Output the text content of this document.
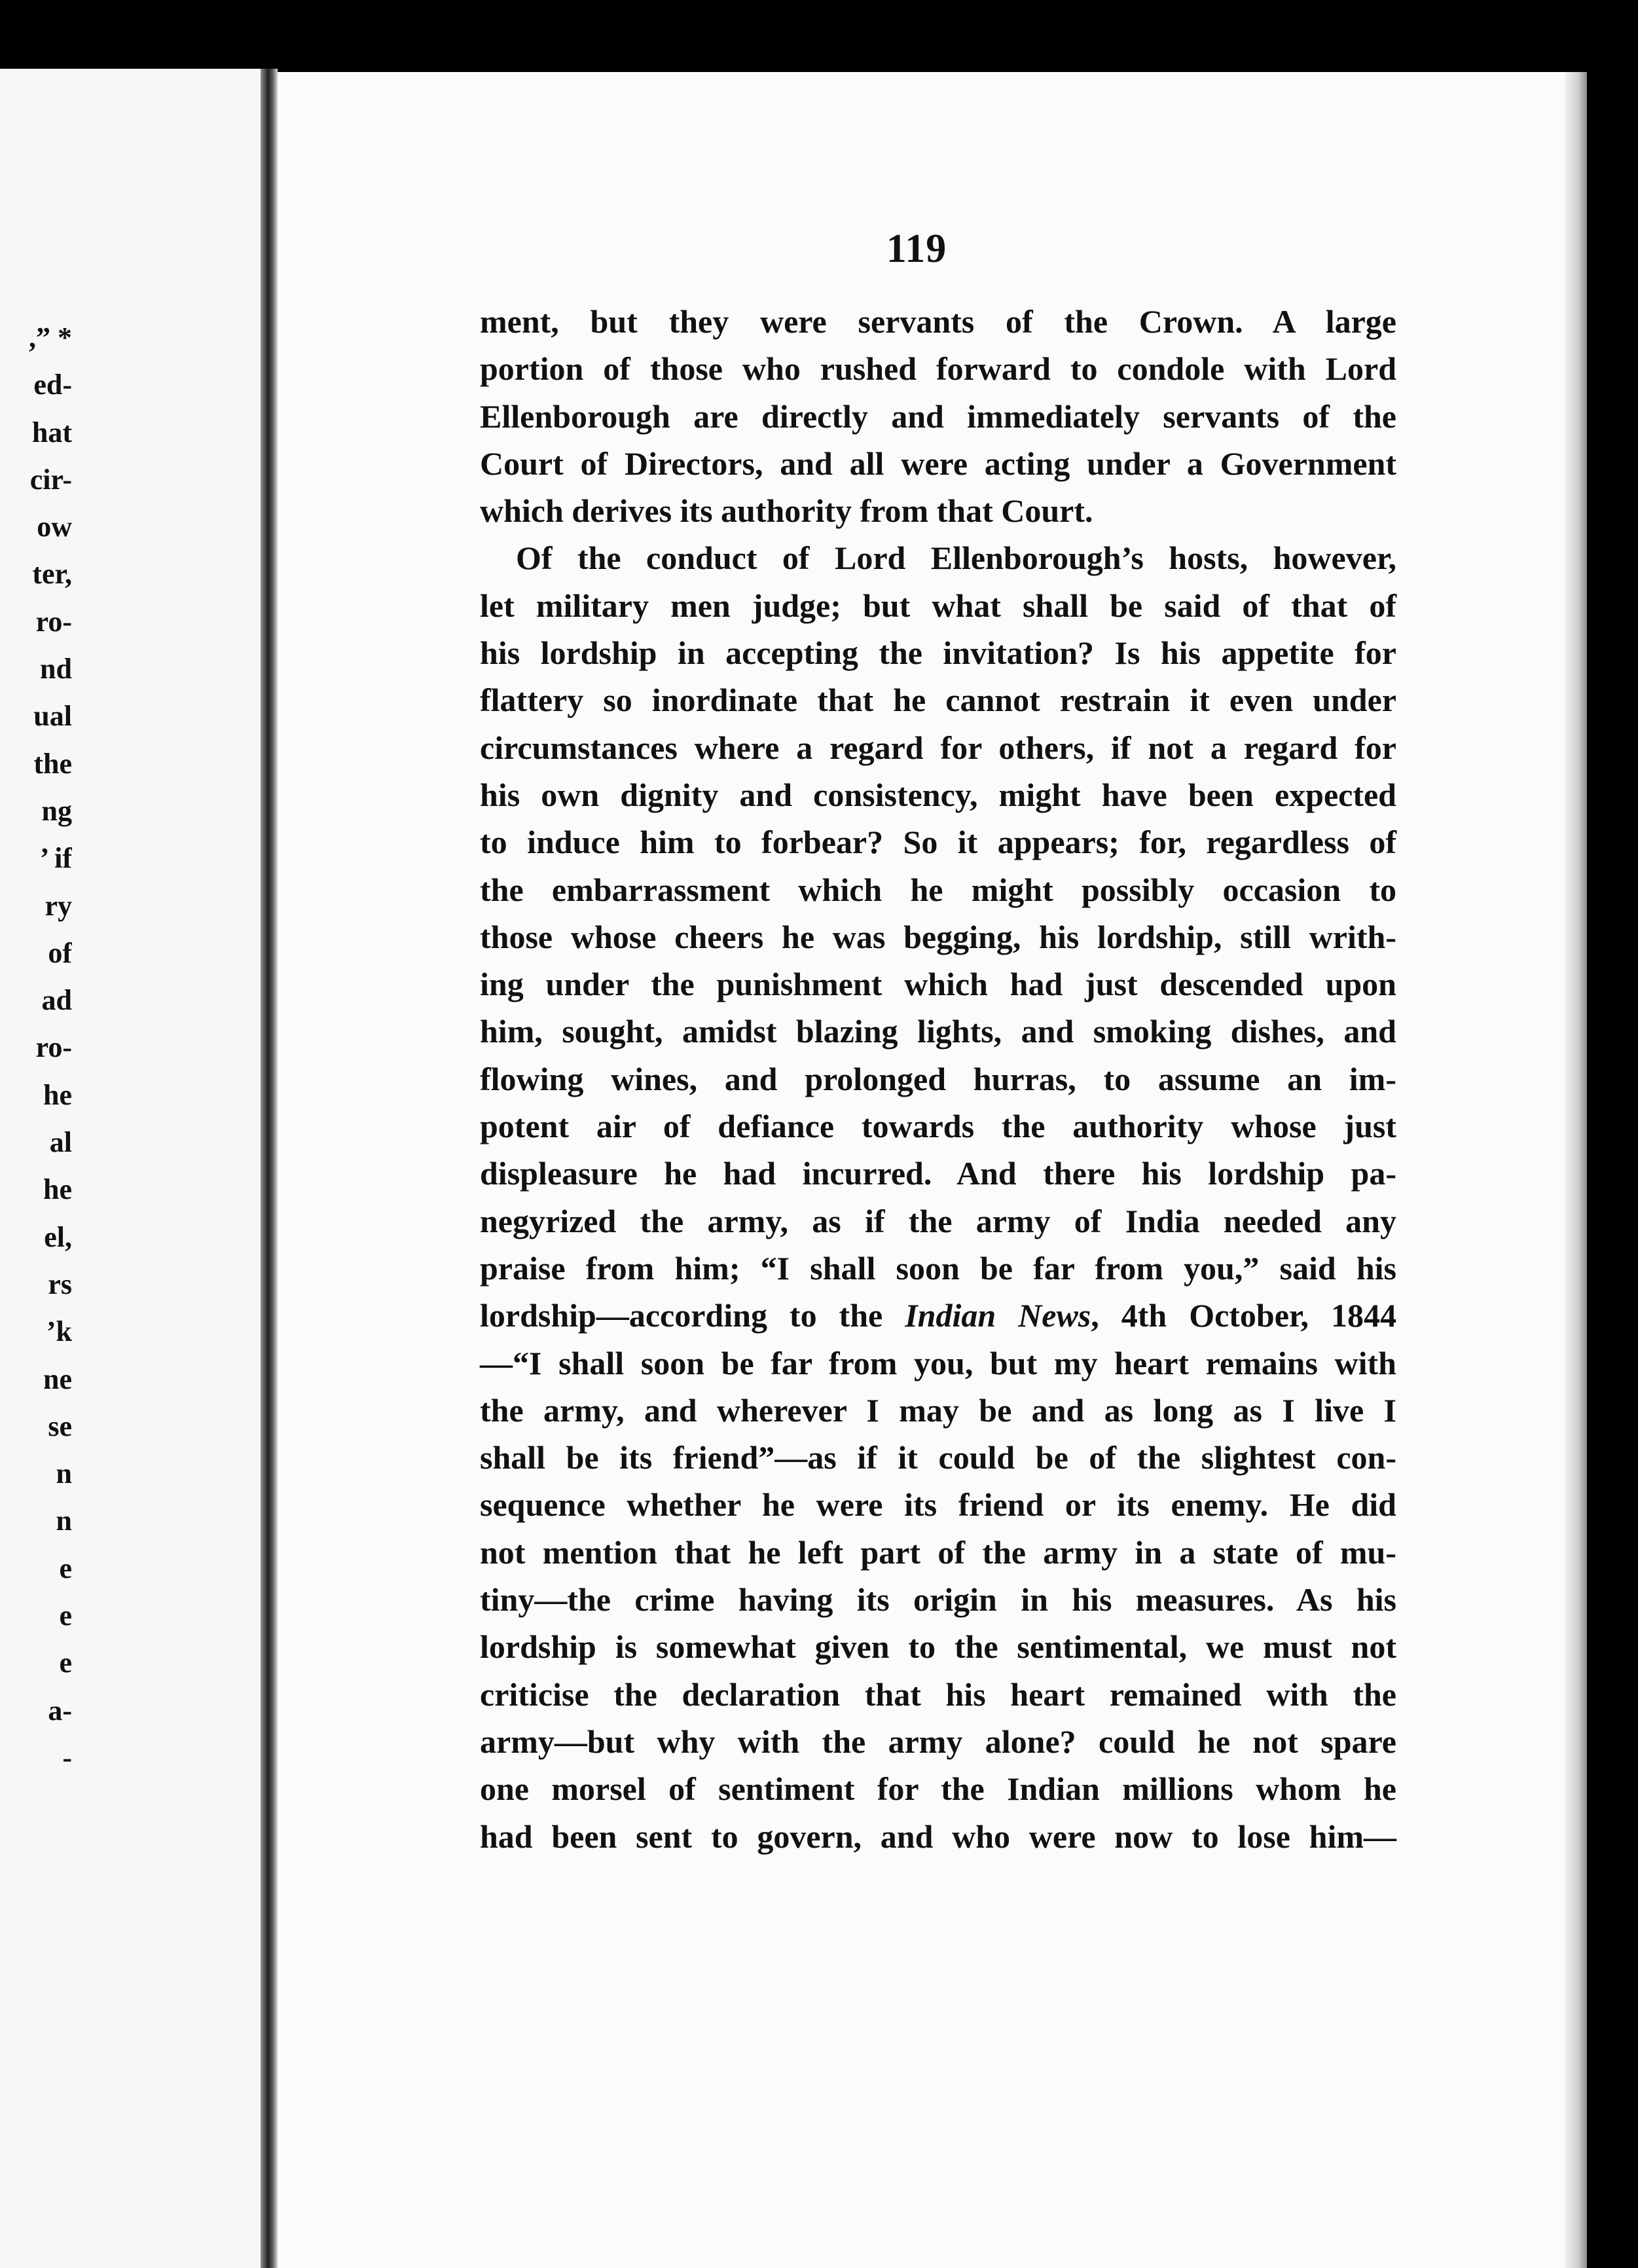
,” *
ed-
hat
cir-
ow
ter,
ro-
nd
ual
the
ng
’ if
ry
of
ad
ro-
he
al
he
el,
rs
’k
ne
se
n
n
e
e
e
a-
-
119
ment, but they were servants of the Crown. A large
portion of those who rushed forward to condole with Lord
Ellenborough are directly and immediately servants of the
Court of Directors, and all were acting under a Government
which derives its authority from that Court.
Of the conduct of Lord Ellenborough’s hosts, however,
let military men judge; but what shall be said of that of
his lordship in accepting the invitation? Is his appetite for
flattery so inordinate that he cannot restrain it even under
circumstances where a regard for others, if not a regard for
his own dignity and consistency, might have been expected
to induce him to forbear? So it appears; for, regardless of
the embarrassment which he might possibly occasion to
those whose cheers he was begging, his lordship, still writh-
ing under the punishment which had just descended upon
him, sought, amidst blazing lights, and smoking dishes, and
flowing wines, and prolonged hurras, to assume an im-
potent air of defiance towards the authority whose just
displeasure he had incurred. And there his lordship pa-
negyrized the army, as if the army of India needed any
praise from him; “I shall soon be far from you,” said his
lordship—according to the Indian News, 4th October, 1844
—“I shall soon be far from you, but my heart remains with
the army, and wherever I may be and as long as I live I
shall be its friend”—as if it could be of the slightest con-
sequence whether he were its friend or its enemy. He did
not mention that he left part of the army in a state of mu-
tiny—the crime having its origin in his measures. As his
lordship is somewhat given to the sentimental, we must not
criticise the declaration that his heart remained with the
army—but why with the army alone? could he not spare
one morsel of sentiment for the Indian millions whom he
had been sent to govern, and who were now to lose him—
